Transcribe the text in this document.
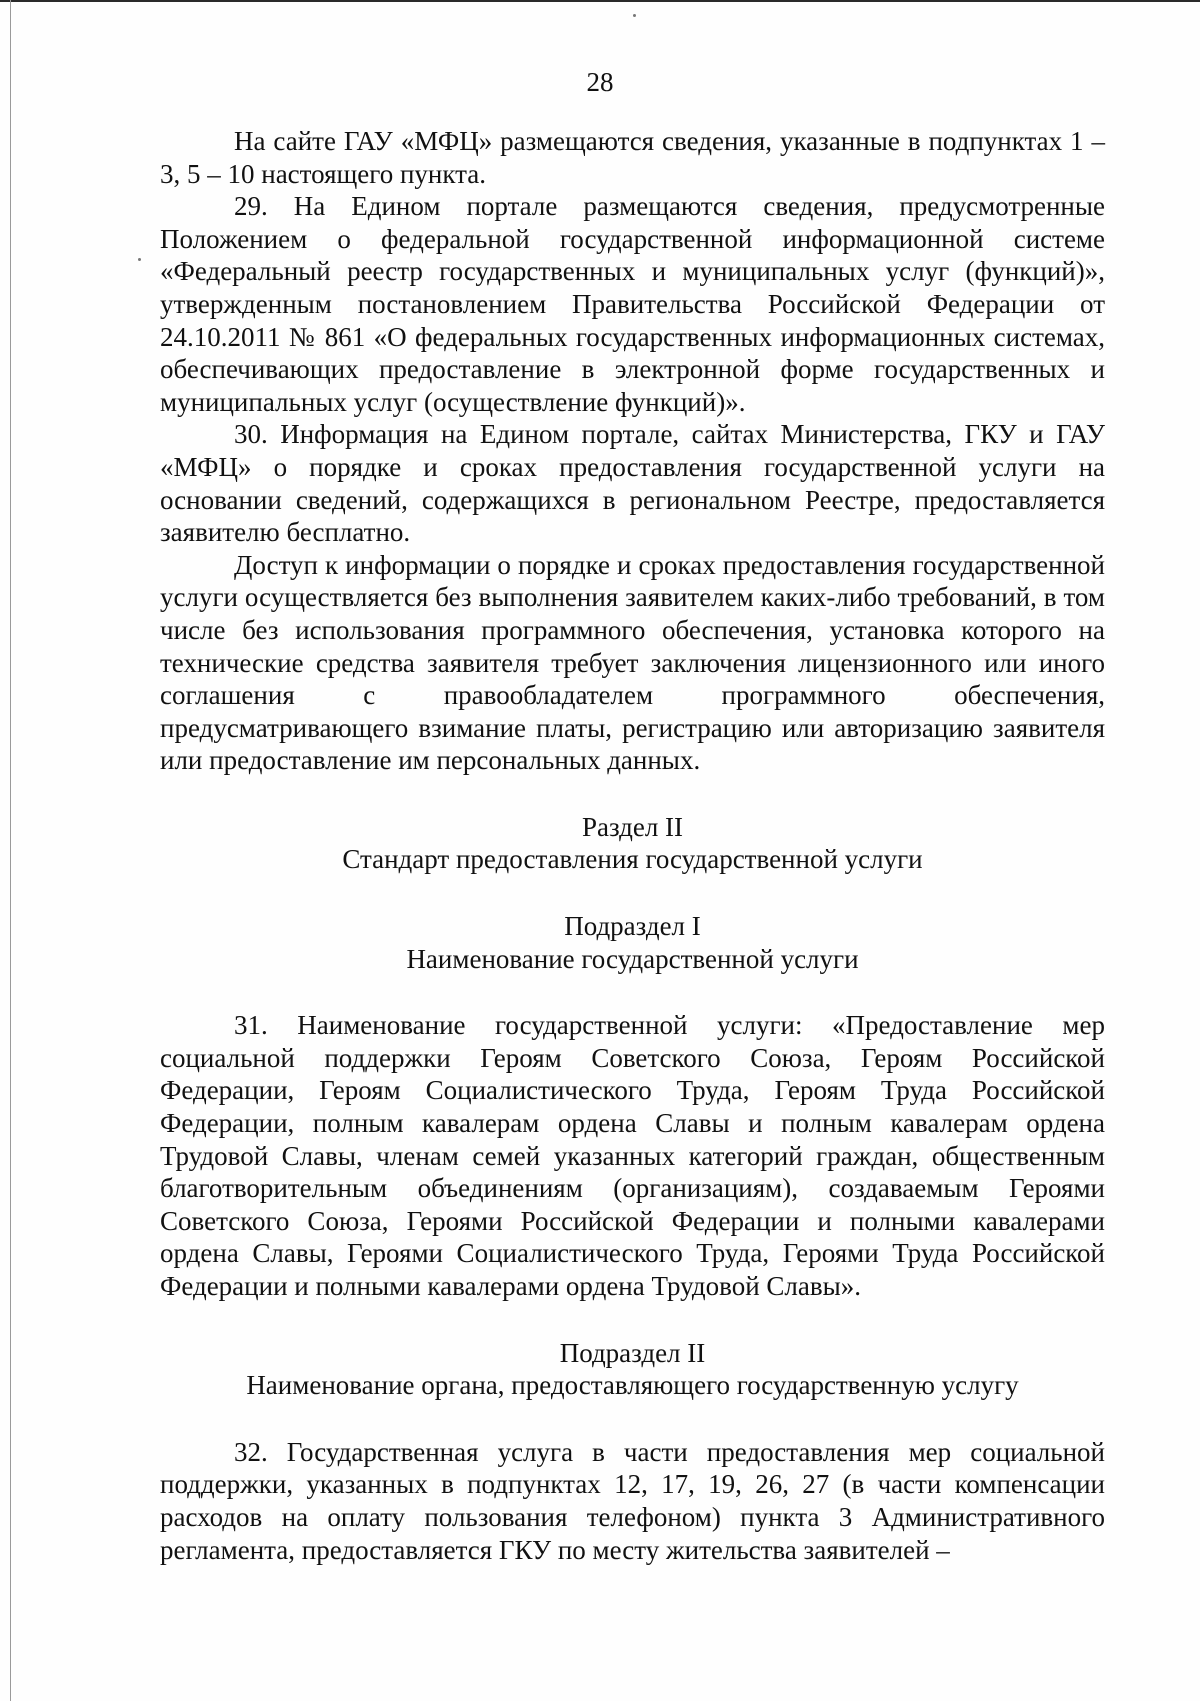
28

На сайте ГАУ «МФЦ» размещаются сведения, указанные в подпунктах 1 – 3, 5 – 10 настоящего пункта.

29. На Едином портале размещаются сведения, предусмотренные Положением о федеральной государственной информационной системе «Федеральный реестр государственных и муниципальных услуг (функций)», утвержденным постановлением Правительства Российской Федерации от 24.10.2011 № 861 «О федеральных государственных информационных системах, обеспечивающих предоставление в электронной форме государственных и муниципальных услуг (осуществление функций)».

30. Информация на Едином портале, сайтах Министерства, ГКУ и ГАУ «МФЦ» о порядке и сроках предоставления государственной услуги на основании сведений, содержащихся в региональном Реестре, предоставляется заявителю бесплатно.

Доступ к информации о порядке и сроках предоставления государственной услуги осуществляется без выполнения заявителем каких-либо требований, в том числе без использования программного обеспечения, установка которого на технические средства заявителя требует заключения лицензионного или иного соглашения с правообладателем программного обеспечения, предусматривающего взимание платы, регистрацию или авторизацию заявителя или предоставление им персональных данных.

Раздел II

Стандарт предоставления государственной услуги

Подраздел I

Наименование государственной услуги

31. Наименование государственной услуги: «Предоставление мер социальной поддержки Героям Советского Союза, Героям Российской Федерации, Героям Социалистического Труда, Героям Труда Российской Федерации, полным кавалерам ордена Славы и полным кавалерам ордена Трудовой Славы, членам семей указанных категорий граждан, общественным благотворительным объединениям (организациям), создаваемым Героями Советского Союза, Героями Российской Федерации и полными кавалерами ордена Славы, Героями Социалистического Труда, Героями Труда Российской Федерации и полными кавалерами ордена Трудовой Славы».

Подраздел II

Наименование органа, предоставляющего государственную услугу

32. Государственная услуга в части предоставления мер социальной поддержки, указанных в подпунктах 12, 17, 19, 26, 27 (в части компенсации расходов на оплату пользования телефоном) пункта 3 Административного регламента, предоставляется ГКУ по месту жительства заявителей –
